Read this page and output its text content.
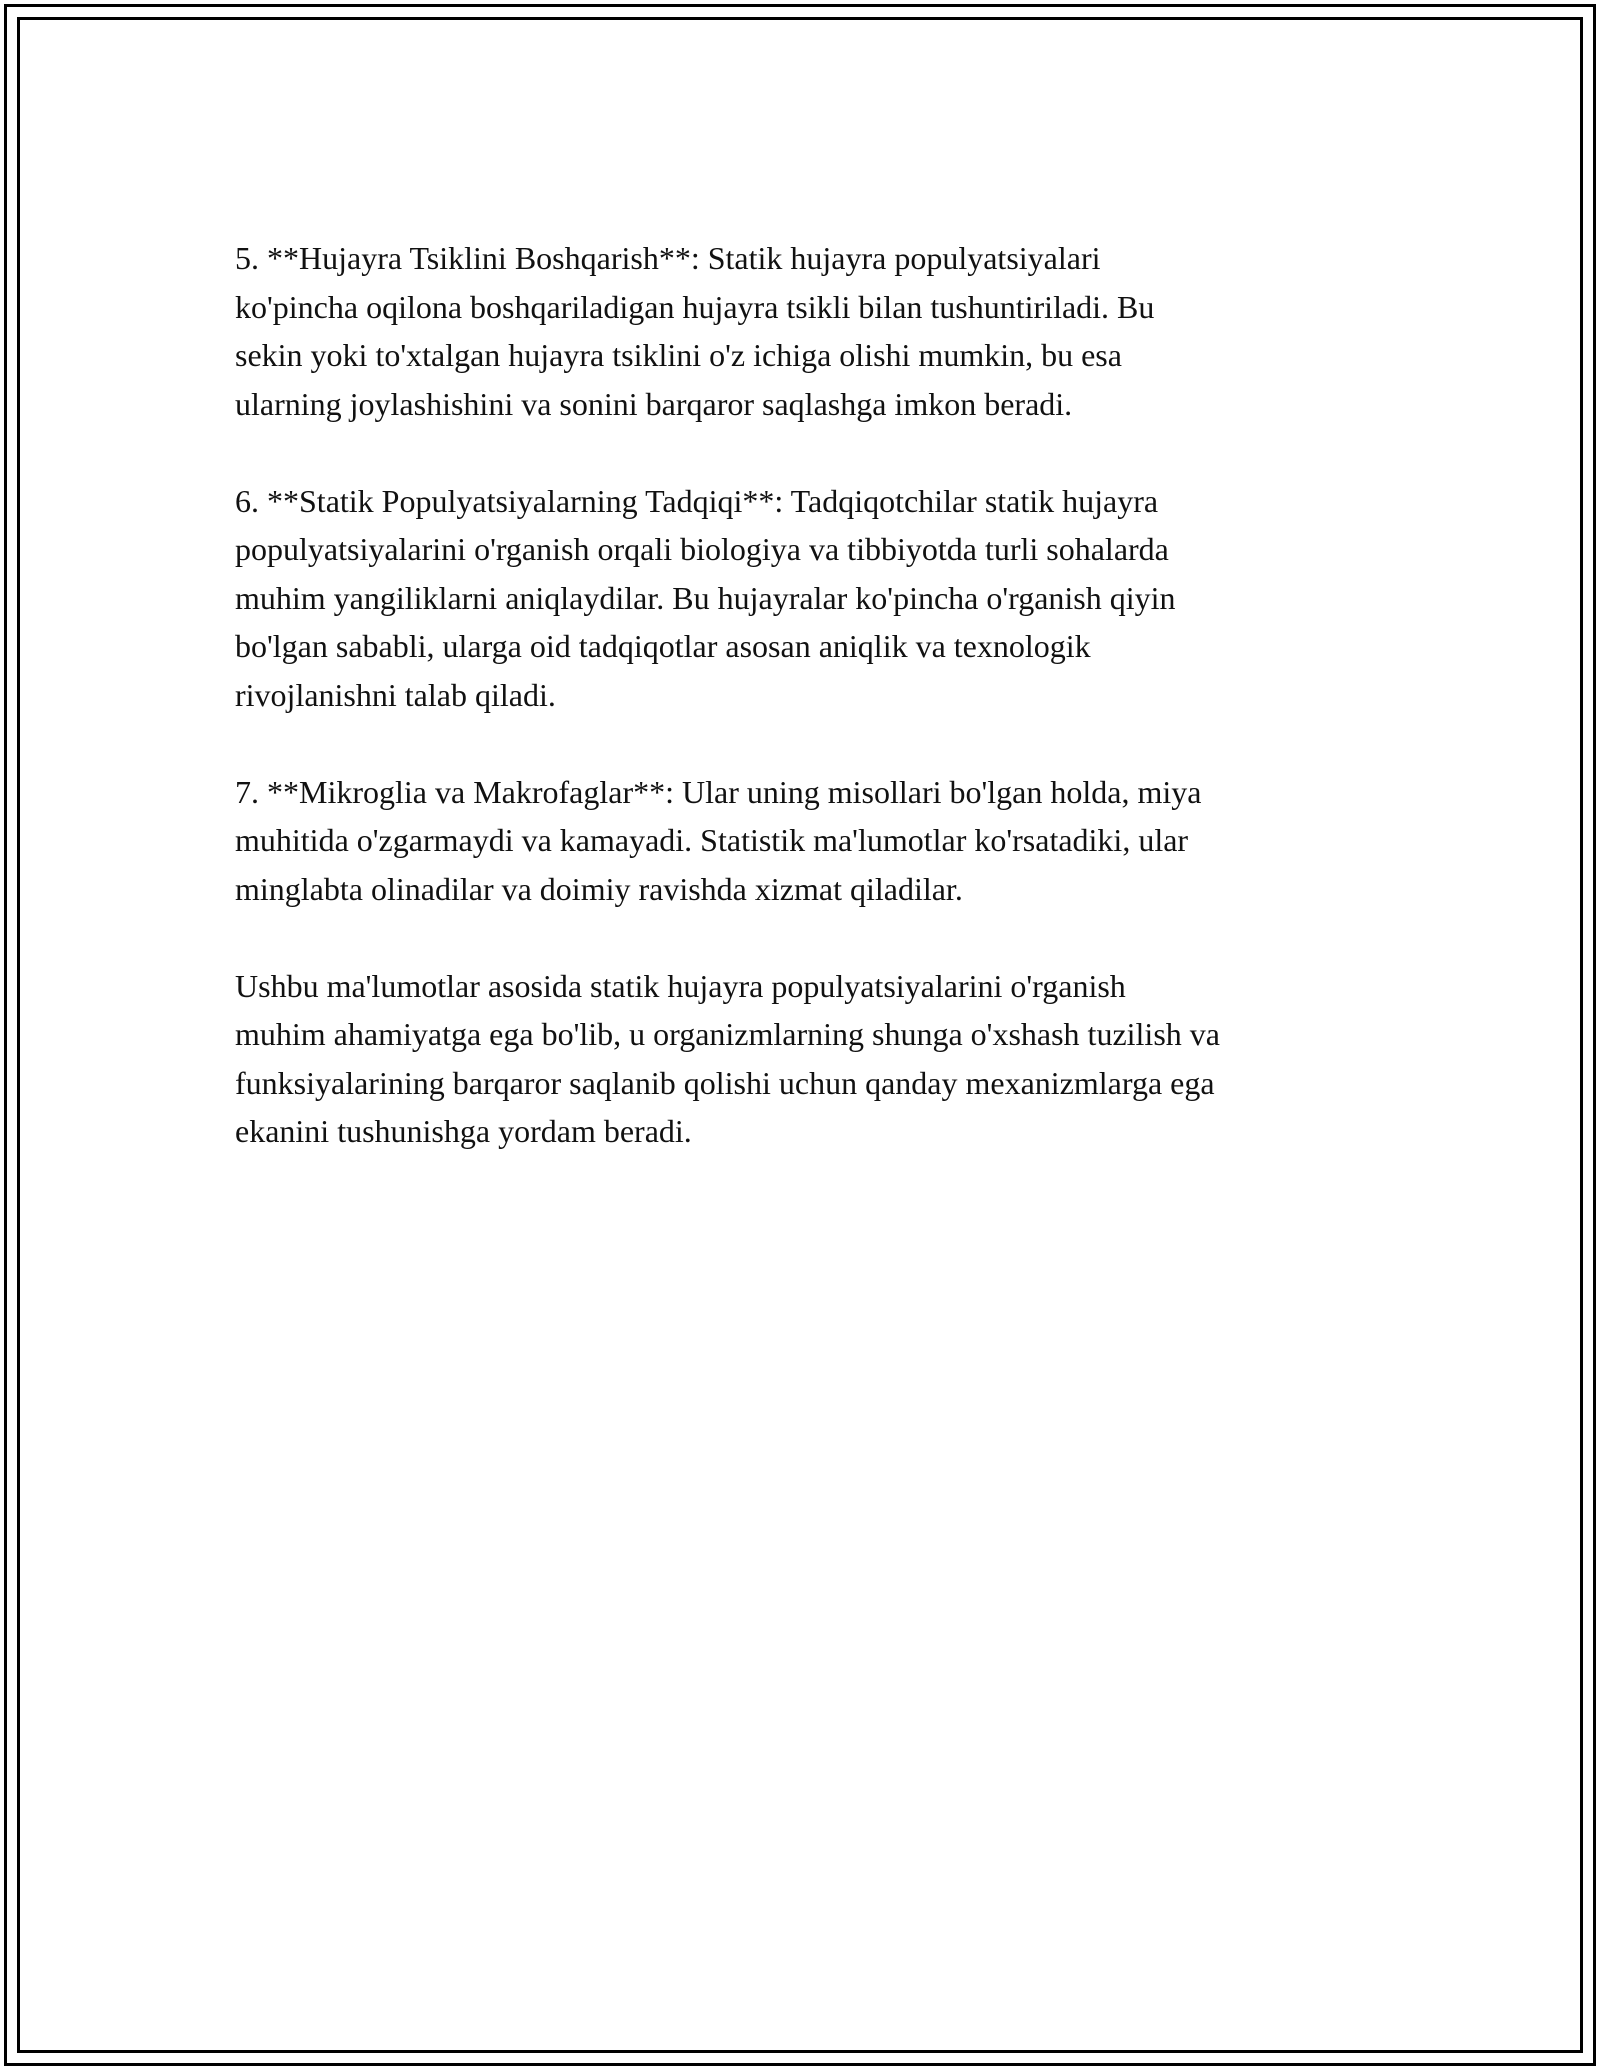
5. **Hujayra Tsiklini Boshqarish**: Statik hujayra populyatsiyalari
ko'pincha oqilona boshqariladigan hujayra tsikli bilan tushuntiriladi. Bu
sekin yoki to'xtalgan hujayra tsiklini o'z ichiga olishi mumkin, bu esa
ularning joylashishini va sonini barqaror saqlashga imkon beradi.

6. **Statik Populyatsiyalarning Tadqiqi**: Tadqiqotchilar statik hujayra
populyatsiyalarini o'rganish orqali biologiya va tibbiyotda turli sohalarda
muhim yangiliklarni aniqlaydilar. Bu hujayralar ko'pincha o'rganish qiyin
bo'lgan sababli, ularga oid tadqiqotlar asosan aniqlik va texnologik
rivojlanishni talab qiladi.

7. **Mikroglia va Makrofaglar**: Ular uning misollari bo'lgan holda, miya
muhitida o'zgarmaydi va kamayadi. Statistik ma'lumotlar ko'rsatadiki, ular
minglabta olinadilar va doimiy ravishda xizmat qiladilar.

Ushbu ma'lumotlar asosida statik hujayra populyatsiyalarini o'rganish
muhim ahamiyatga ega bo'lib, u organizmlarning shunga o'xshash tuzilish va
funksiyalarining barqaror saqlanib qolishi uchun qanday mexanizmlarga ega
ekanini tushunishga yordam beradi.
